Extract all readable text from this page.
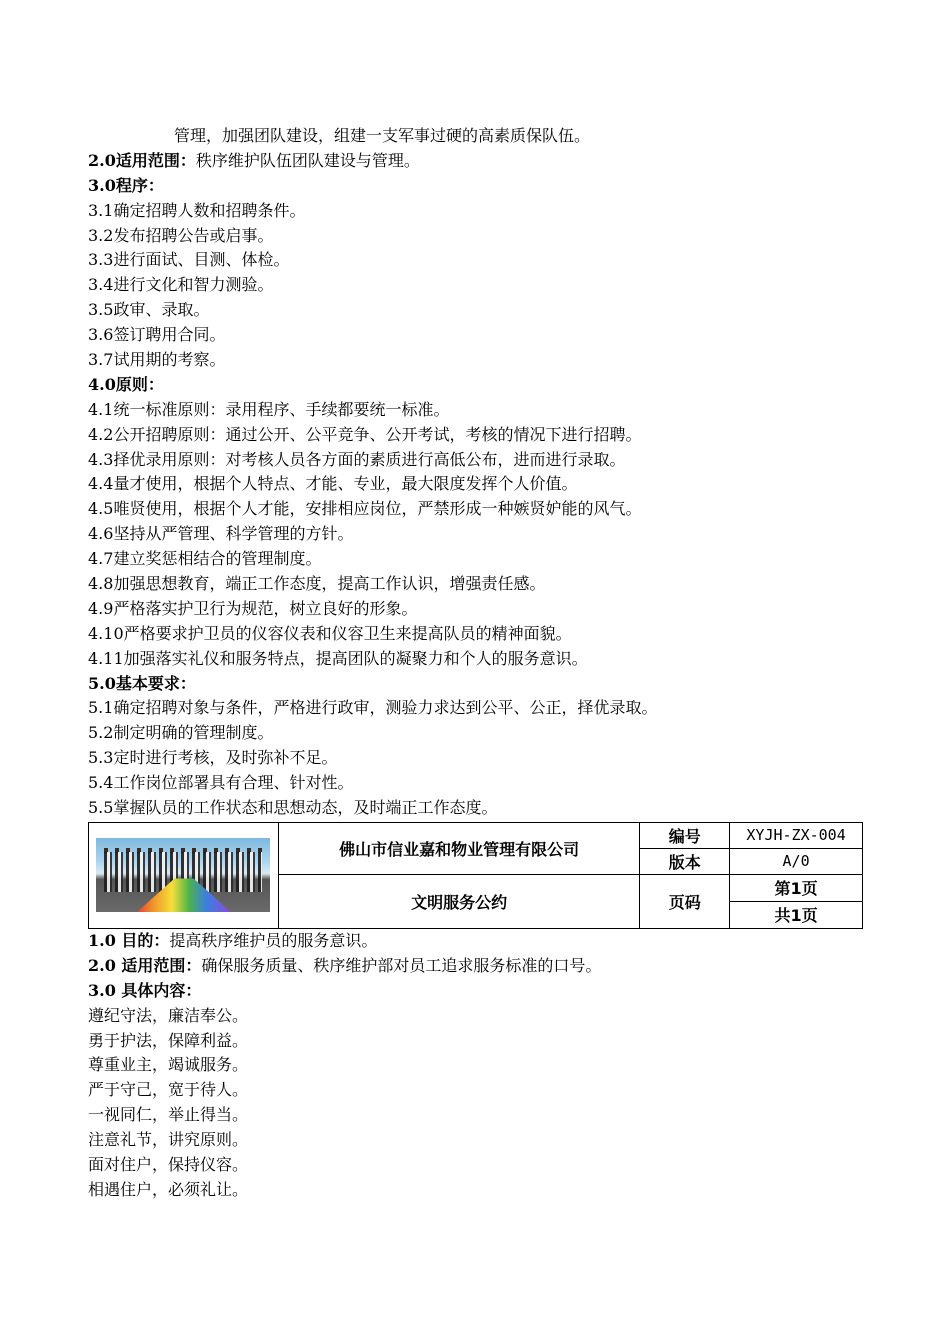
管理，加强团队建设，组建一支军事过硬的高素质保队伍。
2.0适用范围：秩序维护队伍团队建设与管理。
3.0程序：
3.1确定招聘人数和招聘条件。
3.2发布招聘公告或启事。
3.3进行面试、目测、体检。
3.4进行文化和智力测验。
3.5政审、录取。
3.6签订聘用合同。
3.7试用期的考察。
4.0原则：
4.1统一标准原则：录用程序、手续都要统一标准。
4.2公开招聘原则：通过公开、公平竞争、公开考试，考核的情况下进行招聘。
4.3择优录用原则：对考核人员各方面的素质进行高低公布，进而进行录取。
4.4量才使用，根据个人特点、才能、专业，最大限度发挥个人价值。
4.5唯贤使用，根据个人才能，安排相应岗位，严禁形成一种嫉贤妒能的风气。
4.6坚持从严管理、科学管理的方针。
4.7建立奖惩相结合的管理制度。
4.8加强思想教育，端正工作态度，提高工作认识，增强责任感。
4.9严格落实护卫行为规范，树立良好的形象。
4.10严格要求护卫员的仪容仪表和仪容卫生来提高队员的精神面貌。
4.11加强落实礼仪和服务特点，提高团队的凝聚力和个人的服务意识。
5.0基本要求：
5.1确定招聘对象与条件，严格进行政审，测验力求达到公平、公正，择优录取。
5.2制定明确的管理制度。
5.3定时进行考核，及时弥补不足。
5.4工作岗位部署具有合理、针对性。
5.5掌握队员的工作状态和思想动态，及时端正工作态度。
	佛山市信业嘉和物业管理有限公司	编号	XYJH-ZX-004
		版本	A/0
	文明服务公约	页码	第1页
			共1页
1.0 目的：提高秩序维护员的服务意识。
2.0 适用范围：确保服务质量、秩序维护部对员工追求服务标准的口号。
3.0 具体内容：
遵纪守法，廉洁奉公。
勇于护法，保障利益。
尊重业主，竭诚服务。
严于守己，宽于待人。
一视同仁，举止得当。
注意礼节，讲究原则。
面对住户，保持仪容。
相遇住户，必须礼让。
